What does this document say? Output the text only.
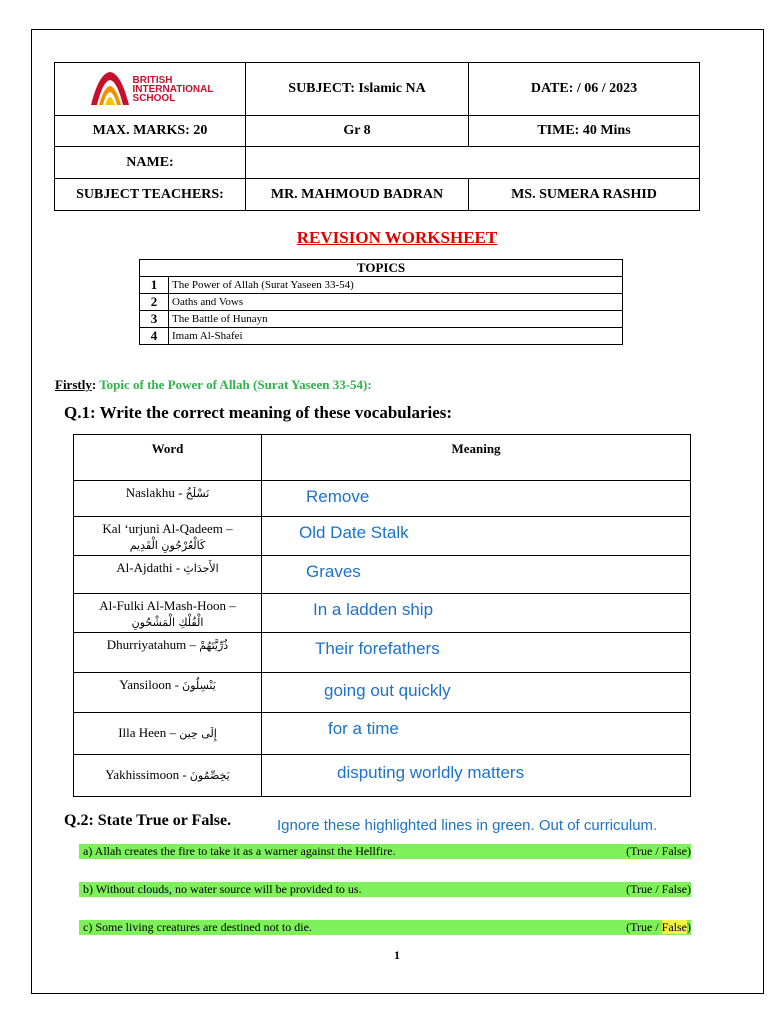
BRITISH
INTERNATIONAL
SCHOOL	SUBJECT: Islamic NA	DATE: / 06 / 2023
MAX. MARKS: 20	Gr 8	TIME: 40 Mins
NAME:		
SUBJECT TEACHERS:	MR. MAHMOUD BADRAN	MS. SUMERA RASHID
REVISION WORKSHEET
TOPICS	
1	The Power of Allah (Surat Yaseen 33-54)
2	Oaths and Vows
3	The Battle of Hunayn
4	Imam Al-Shafei
Firstly: Topic of the Power of Allah (Surat Yaseen 33-54):
Q.1: Write the correct meaning of these vocabularies:
Word	Meaning
Naslakhu - نَسْلَخُ	Remove
Kal ‘urjuni Al-Qadeem –
كَالْعُرْجُونِ الْقَدِيم	Old Date Stalk
Al-Ajdathi - الأَجدَاثِ	Graves
Al-Fulki Al-Mash-Hoon –
الْفُلْكِ الْمَشْحُونِ	In a ladden ship
Dhurriyatahum – ذُرِّيَّتَهُمْ	Their forefathers
Yansiloon - يَنْسِلُونَ	going out quickly
Illa Heen – إِلَى حِين	for a time
Yakhissimoon - يَخِصِّمُونَ	disputing worldly matters
Q.2: State True or False.	Ignore these highlighted lines in green. Out of curriculum.
a) Allah creates the fire to take it as a warner against the Hellfire.	(True / False)
b) Without clouds, no water source will be provided to us.	(True / False)
c) Some living creatures are destined not to die.	(True / False)
1
